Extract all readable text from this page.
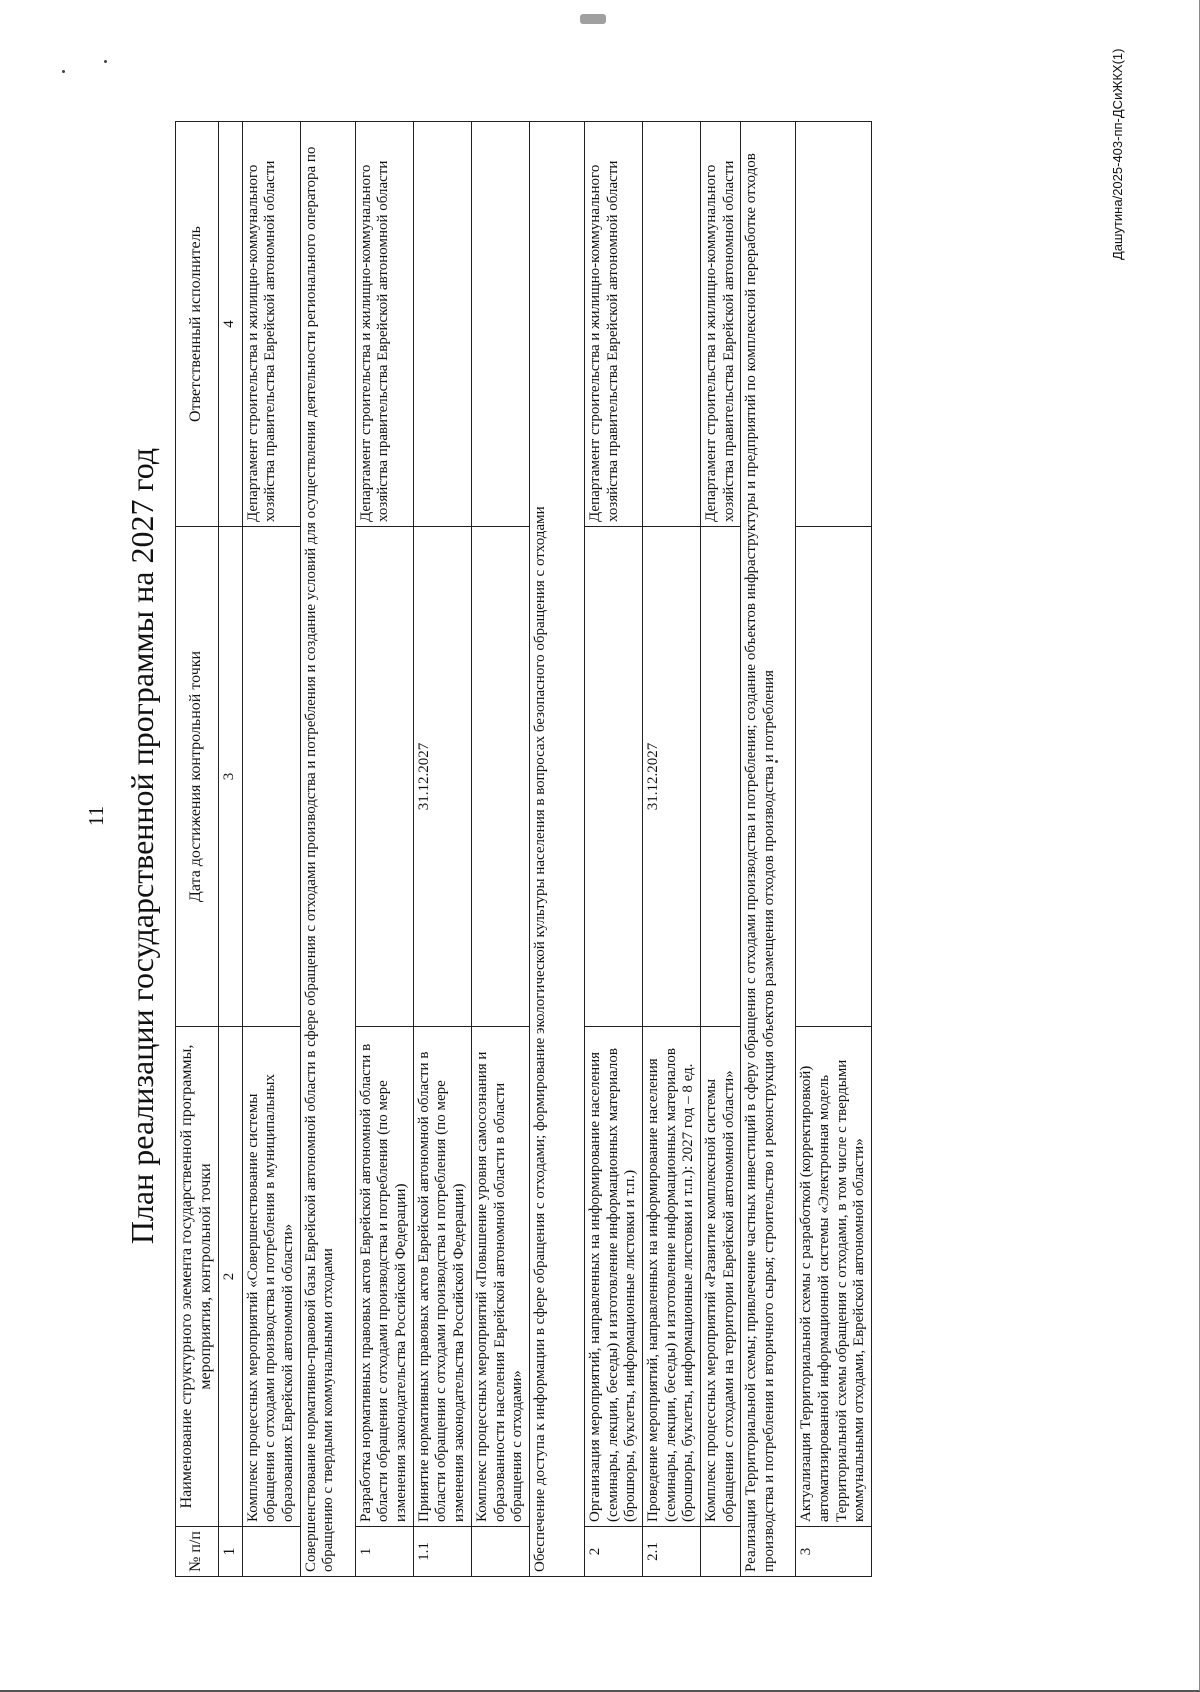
11 План реализации государственной программы на 2027 год
№ п/п	Наименование структурного элемента государственной программы, мероприятия, контрольной точки	Дата достижения контрольной точки	Ответственный исполнитель
1	2	3	4
	Комплекс процессных мероприятий «Совершенствование системы обращения с отходами производства и потребления в муниципальных образованиях Еврейской автономной области»		Департамент строительства и жилищно-коммунального хозяйства правительства Еврейской автономной области
Совершенствование нормативно-правовой базы Еврейской автономной области в сфере обращения с отходами производства и потребления и создание условий для осуществления деятельности регионального оператора по обращению с твердыми коммунальными отходами			
1	Разработка нормативных правовых актов Еврейской автономной области в области обращения с отходами производства и потребления (по мере изменения законодательства Российской Федерации)		Департамент строительства и жилищно-коммунального хозяйства правительства Еврейской автономной области
1.1	Принятие нормативных правовых актов Еврейской автономной области в области обращения с отходами производства и потребления (по мере изменения законодательства Российской Федерации)	31.12.2027	
	Комплекс процессных мероприятий «Повышение уровня самосознания и образованности населения Еврейской автономной области в области обращения с отходами»		
Обеспечение доступа к информации в сфере обращения с отходами; формирование экологической культуры населения в вопросах безопасного обращения с отходами			
2	Организация мероприятий, направленных на информирование населения (семинары, лекции, беседы) и изготовление информационных материалов (брошюры, буклеты, информационные листовки и т.п.)		Департамент строительства и жилищно-коммунального хозяйства правительства Еврейской автономной области
2.1	Проведение мероприятий, направленных на информирование населения (семинары, лекции, беседы) и изготовление информационных материалов (брошюры, буклеты, информационные листовки и т.п.): 2027 год – 8 ед.	31.12.2027	
	Комплекс процессных мероприятий «Развитие комплексной системы обращения с отходами на территории Еврейской автономной области»		Департамент строительства и жилищно-коммунального хозяйства правительства Еврейской автономной области
Реализация Территориальной схемы; привлечение частных инвестиций в сферу обращения с отходами производства и потребления; создание объектов инфраструктуры и предприятий по комплексной переработке отходов производства и потребления и вторичного сырья; строительство и реконструкция объектов размещения отходов производства и потребления			
3	Актуализация Территориальной схемы с разработкой (корректировкой) автоматизированной информационной системы «Электронная модель Территориальной схемы обращения с отходами, в том числе с твердыми коммунальными отходами, Еврейской автономной области»		
Дашутина/2025-403-пп-ДСиЖКХ(1)
